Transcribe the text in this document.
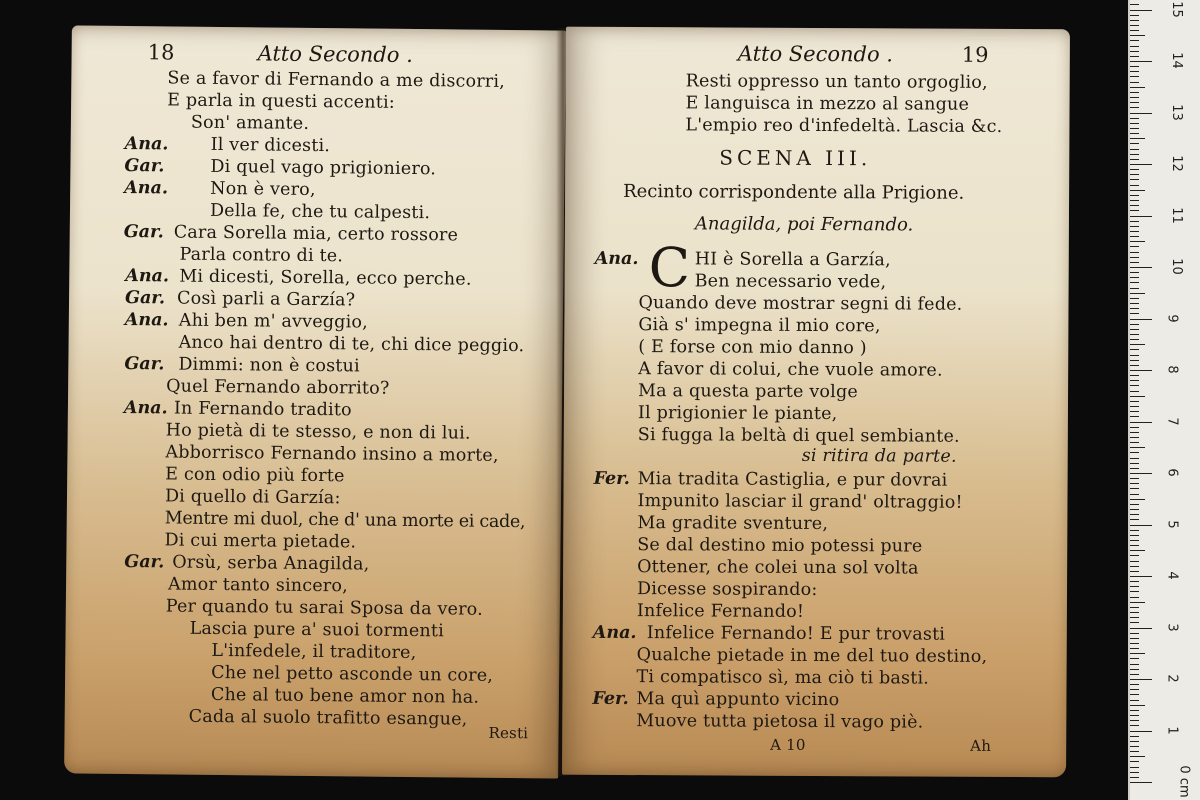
18	Atto Secondo .
Se a favor di Fernando a me discorri,
E parla in questi accenti:
Son' amante.
Ana. Il ver dicesti.
Gar.	Di quel vago prigioniero.
Ana. Non è vero,
Della fe, che tu calpesti.
Gar. Cara Sorella mia, certo rossore
Parla contro di te.
Ana. Mi dicesti, Sorella, ecco perche.
Gar. Così parli a Garzía?
Ana. Ahi ben m' avveggio,
Anco hai dentro di te, chi dice peggio.
Gar. Dimmi: non è costui
Quel Fernando aborrito?
Ana. In Fernando tradito
Ho pietà di te stesso, e non di lui.
Abborrisco Fernando insino a morte,
E con odio più forte
Di quello di Garzía:
Mentre mi duol, che d' una morte ei cade,
Di cui merta pietade.
Gar. Orsù, serba Anagilda,
Amor tanto sincero,
Per quando tu sarai Sposa da vero.
Lascia pure a' suoi tormenti
L'infedele, il traditore,
Che nel petto asconde un core,
Che al tuo bene amor non ha.
Cada al suolo trafitto esangue,
Resti
Atto Secondo .	19
Resti oppresso un tanto orgoglio,
E languisca in mezzo al sangue
L'empio reo d'infedeltà. Lascia &c.
SCENA III.
Recinto corrispondente alla Prigione.
Anagilda, poi Fernando.
Ana. C HI è Sorella a Garzía,
Ben necessario vede,
Quando deve mostrar segni di fede.
Già s' impegna il mio core,
( E forse con mio danno )
A favor di colui, che vuole amore.
Ma a questa parte volge
Il prigionier le piante,
Si fugga la beltà di quel sembiante.
si ritira da parte.
Fer. Mia tradita Castiglia, e pur dovrai
Impunito lasciar il grand' oltraggio!
Ma gradite sventure,
Se dal destino mio potessi pure
Ottener, che colei una sol volta
Dicesse sospirando:
Infelice Fernando!
Ana. Infelice Fernando! E pur trovasti
Qualche pietade in me del tuo destino,
Ti compatisco sì, ma ciò ti basti.
Fer. Ma quì appunto vicino
Muove tutta pietosa il vago piè.
A 10	Ah
0 cm
1
2
3
4
5
6
7
8
9
10
11
12
13
14
15
